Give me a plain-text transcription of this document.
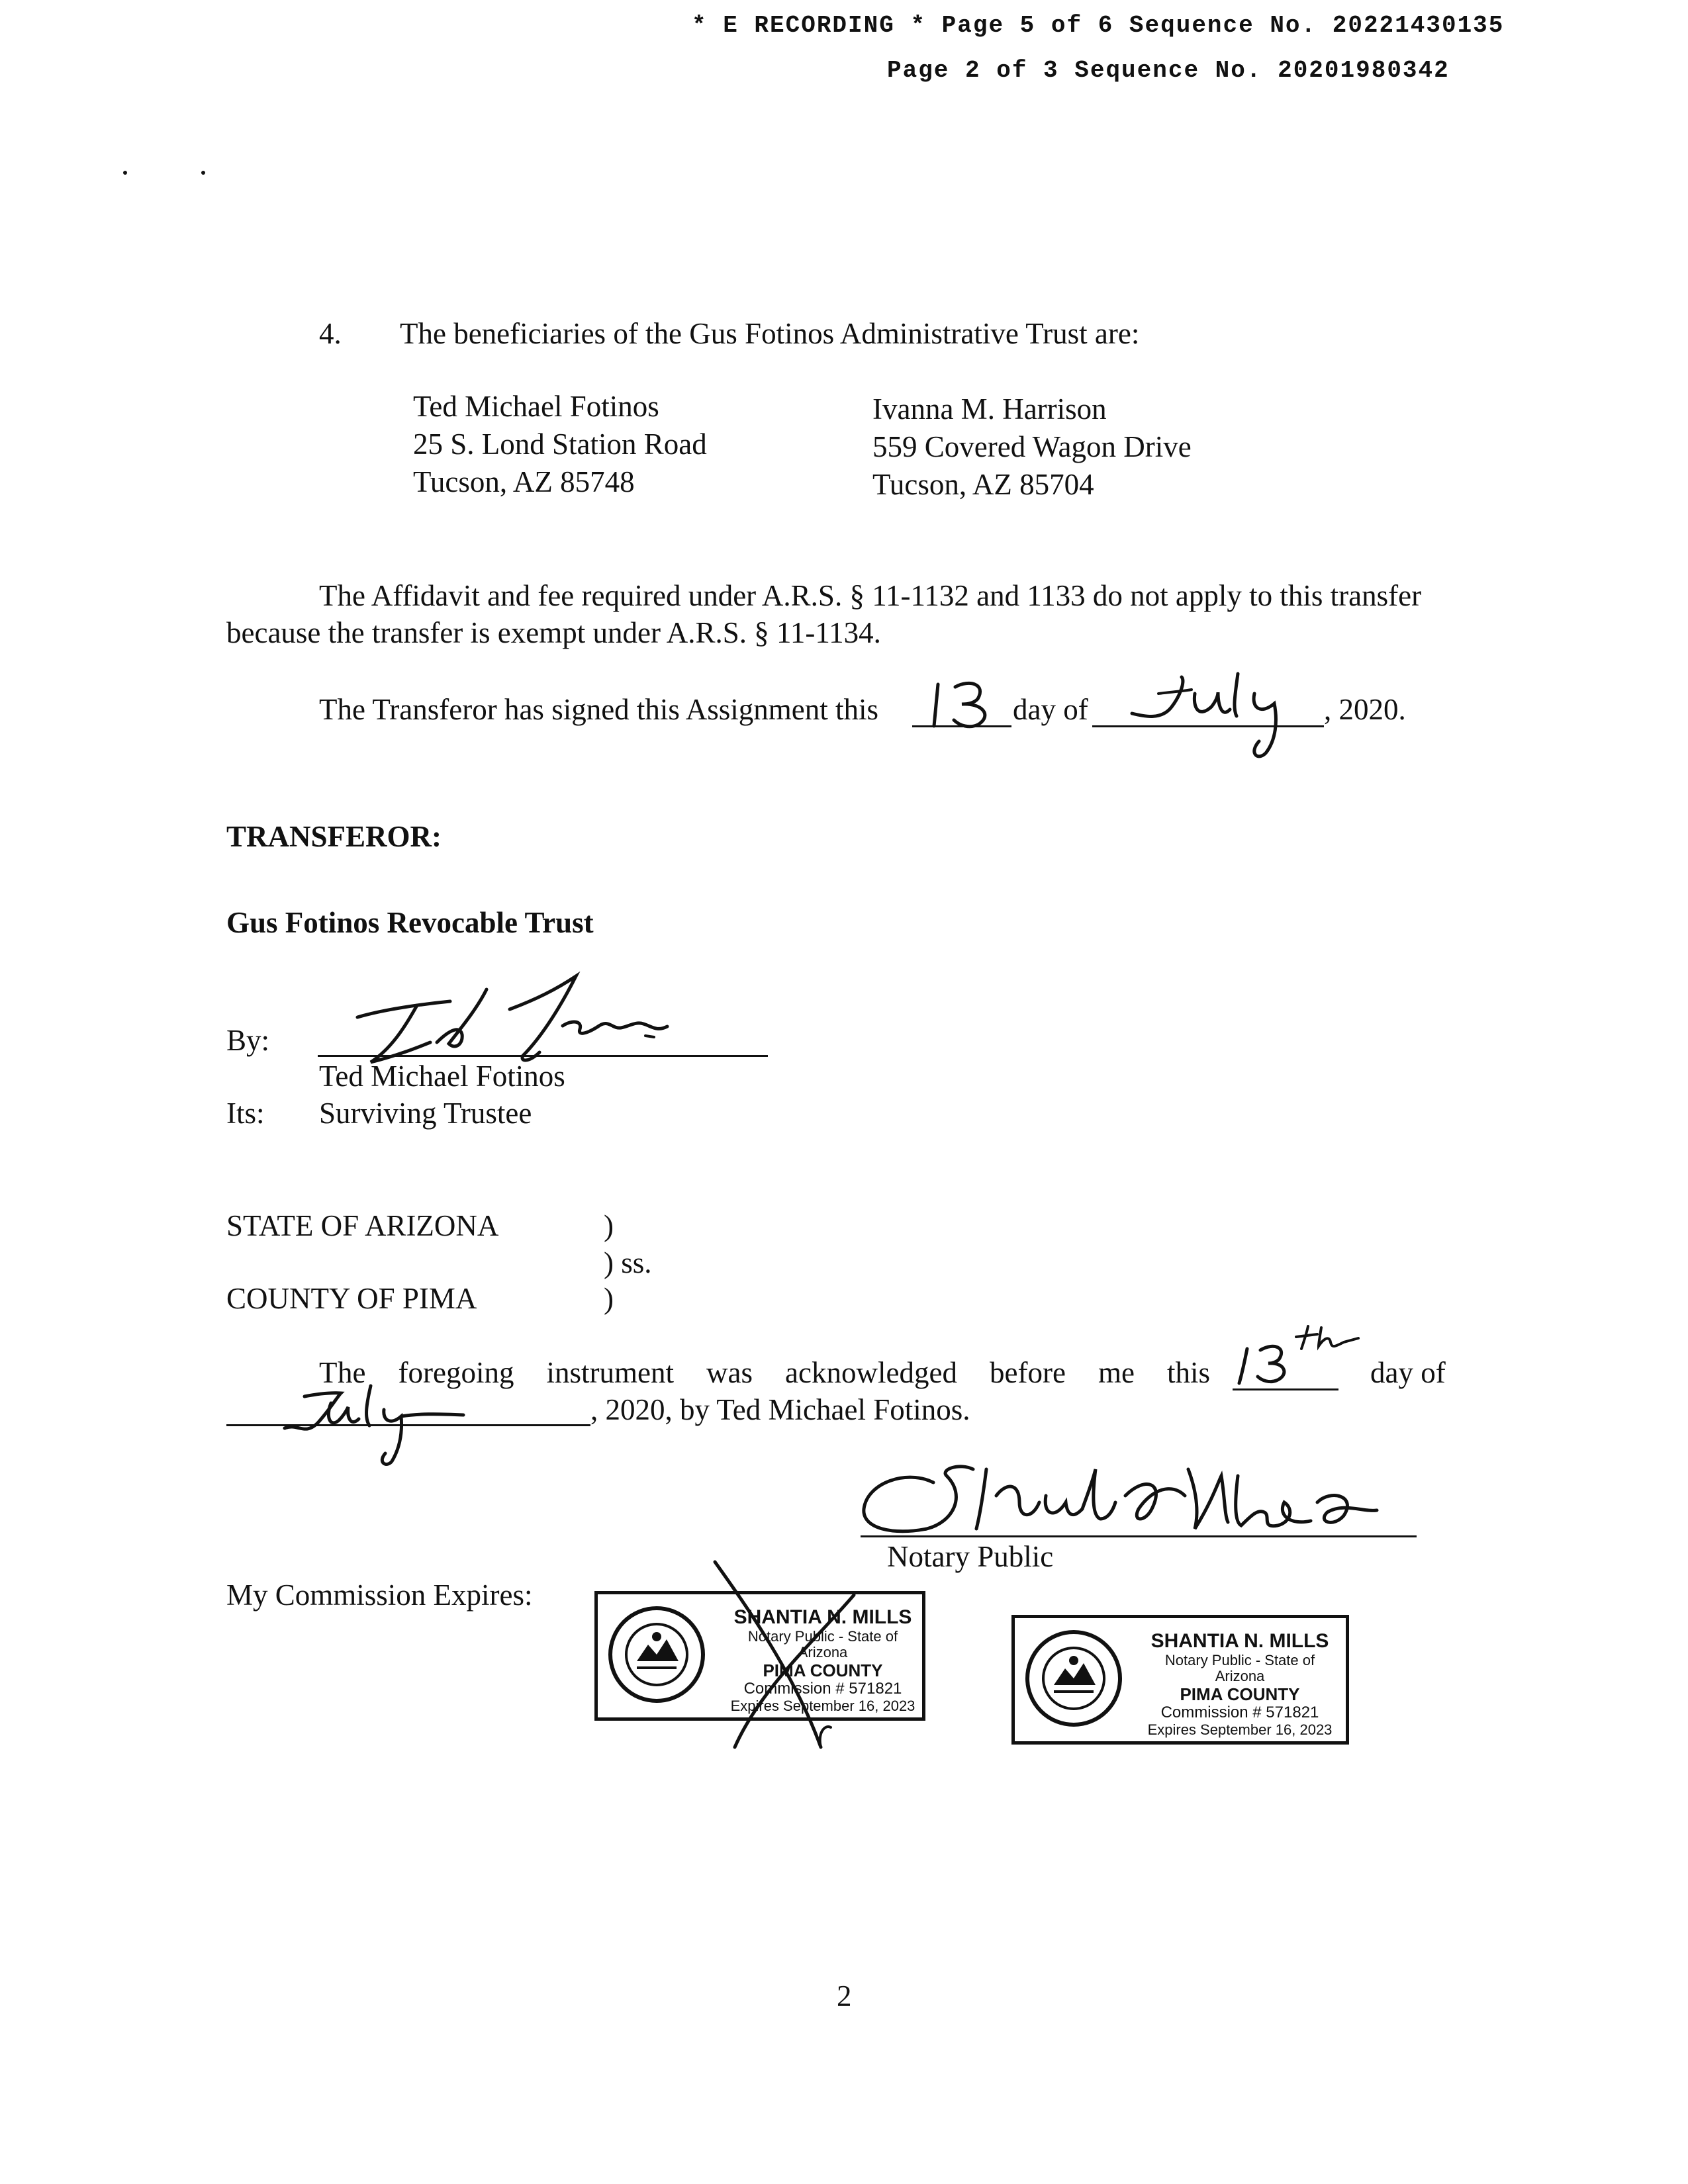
* E RECORDING * Page 5 of 6 Sequence No. 20221430135
Page 2 of 3 Sequence No. 20201980342
4. The beneficiaries of the Gus Fotinos Administrative Trust are:
Ted Michael Fotinos
25 S. Lond Station Road
Tucson, AZ 85748
Ivanna M. Harrison
559 Covered Wagon Drive
Tucson, AZ 85704
The Affidavit and fee required under A.R.S. § 11-1132 and 1133 do not apply to this transfer
because the transfer is exempt under A.R.S. § 11-1134.
The Transferor has signed this Assignment this	day of	, 2020.
TRANSFEROR:
Gus Fotinos Revocable Trust
By:
Ted Michael Fotinos
Its: Surviving Trustee
STATE OF ARIZONA	)
) ss.
COUNTY OF PIMA	)
T he foregoing instrument was acknowledged before me this	day of
, 2020, by Ted Michael Fotinos.
Notary Public
My Commission Expires:
SHANTIA N. MILLS
Notary Public - State of Arizona
PIMA COUNTY
Commission # 571821
Expires September 16, 2023
SHANTIA N. MILLS
Notary Public - State of Arizona
PIMA COUNTY
Commission # 571821
Expires September 16, 2023
2
